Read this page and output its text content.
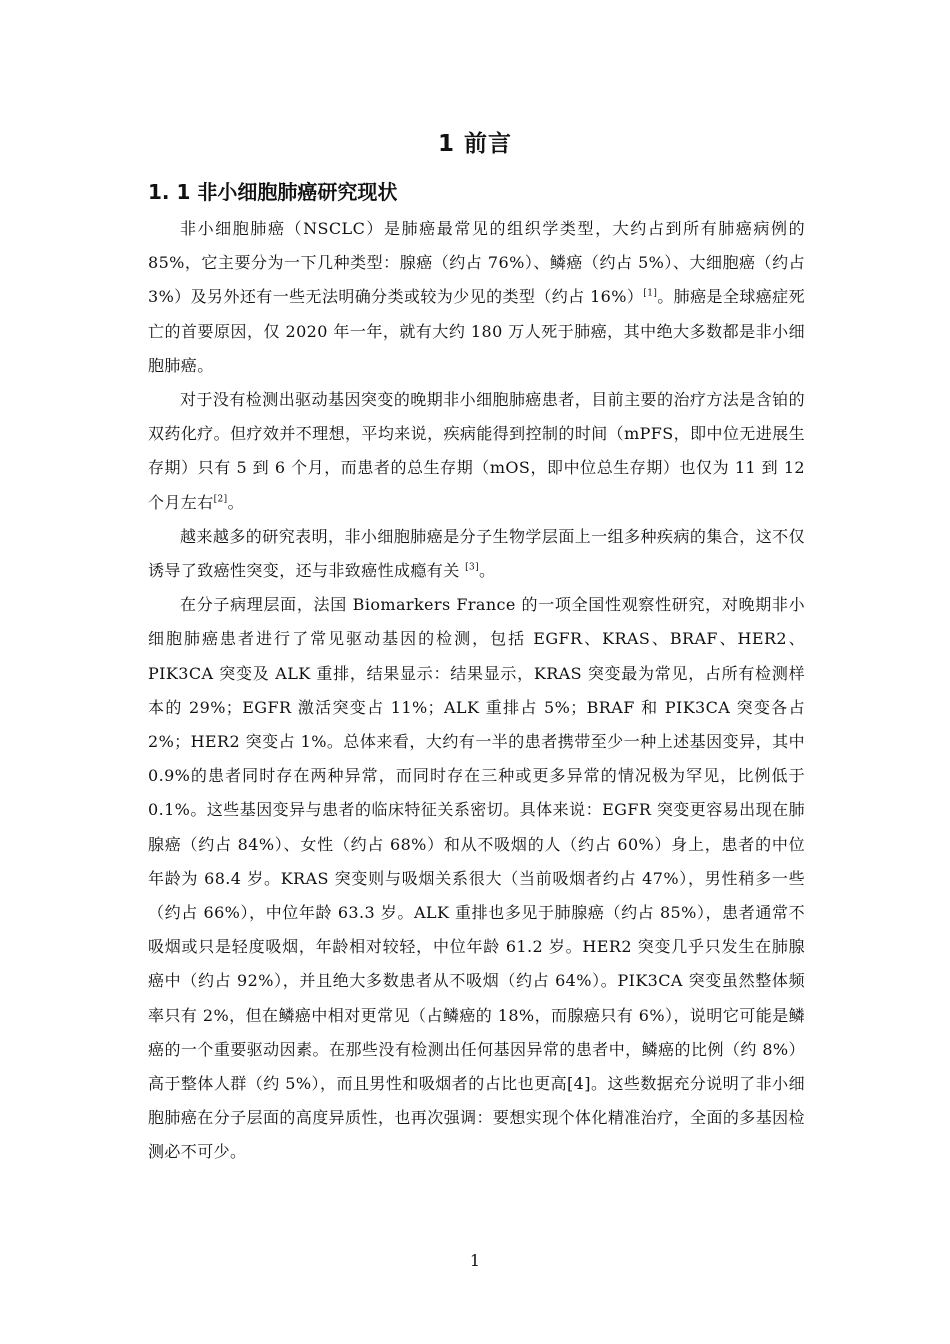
1 前言
1. 1 非小细胞肺癌研究现状

非小细胞肺癌（NSCLC）是肺癌最常见的组织学类型，大约占到所有肺癌病例的 85%，它主要分为一下几种类型：腺癌（约占 76%）、鳞癌（约占 5%）、大细胞癌（约占 3%）及另外还有一些无法明确分类或较为少见的类型（约占 16%）[1]。肺癌是全球癌症死亡的首要原因，仅 2020 年一年，就有大约 180 万人死于肺癌，其中绝大多数都是非小细胞肺癌。

对于没有检测出驱动基因突变的晚期非小细胞肺癌患者，目前主要的治疗方法是含铂的双药化疗。但疗效并不理想，平均来说，疾病能得到控制的时间（mPFS，即中位无进展生存期）只有 5 到 6 个月，而患者的总生存期（mOS，即中位总生存期）也仅为 11 到 12 个月左右[2]。

越来越多的研究表明，非小细胞肺癌是分子生物学层面上一组多种疾病的集合，这不仅诱导了致癌性突变，还与非致癌性成瘾有关 [3]。

在分子病理层面，法国 Biomarkers France 的一项全国性观察性研究，对晚期非小细胞肺癌患者进行了常见驱动基因的检测，包括 EGFR、KRAS、BRAF、HER2、PIK3CA 突变及 ALK 重排，结果显示：结果显示，KRAS 突变最为常见，占所有检测样本的 29%；EGFR 激活突变占 11%；ALK 重排占 5%；BRAF 和 PIK3CA 突变各占 2%；HER2 突变占 1%。总体来看，大约有一半的患者携带至少一种上述基因变异，其中 0.9%的患者同时存在两种异常，而同时存在三种或更多异常的情况极为罕见，比例低于 0.1%。这些基因变异与患者的临床特征关系密切。具体来说：EGFR 突变更容易出现在肺腺癌（约占 84%）、女性（约占 68%）和从不吸烟的人（约占 60%）身上，患者的中位年龄为 68.4 岁。KRAS 突变则与吸烟关系很大（当前吸烟者约占 47%），男性稍多一些（约占 66%），中位年龄 63.3 岁。ALK 重排也多见于肺腺癌（约占 85%），患者通常不吸烟或只是轻度吸烟，年龄相对较轻，中位年龄 61.2 岁。HER2 突变几乎只发生在肺腺癌中（约占 92%），并且绝大多数患者从不吸烟（约占 64%）。PIK3CA 突变虽然整体频率只有 2%，但在鳞癌中相对更常见（占鳞癌的 18%，而腺癌只有 6%），说明它可能是鳞癌的一个重要驱动因素。在那些没有检测出任何基因异常的患者中，鳞癌的比例（约 8%）高于整体人群（约 5%），而且男性和吸烟者的占比也更高[4]。这些数据充分说明了非小细胞肺癌在分子层面的高度异质性，也再次强调：要想实现个体化精准治疗，全面的多基因检测必不可少。

1
